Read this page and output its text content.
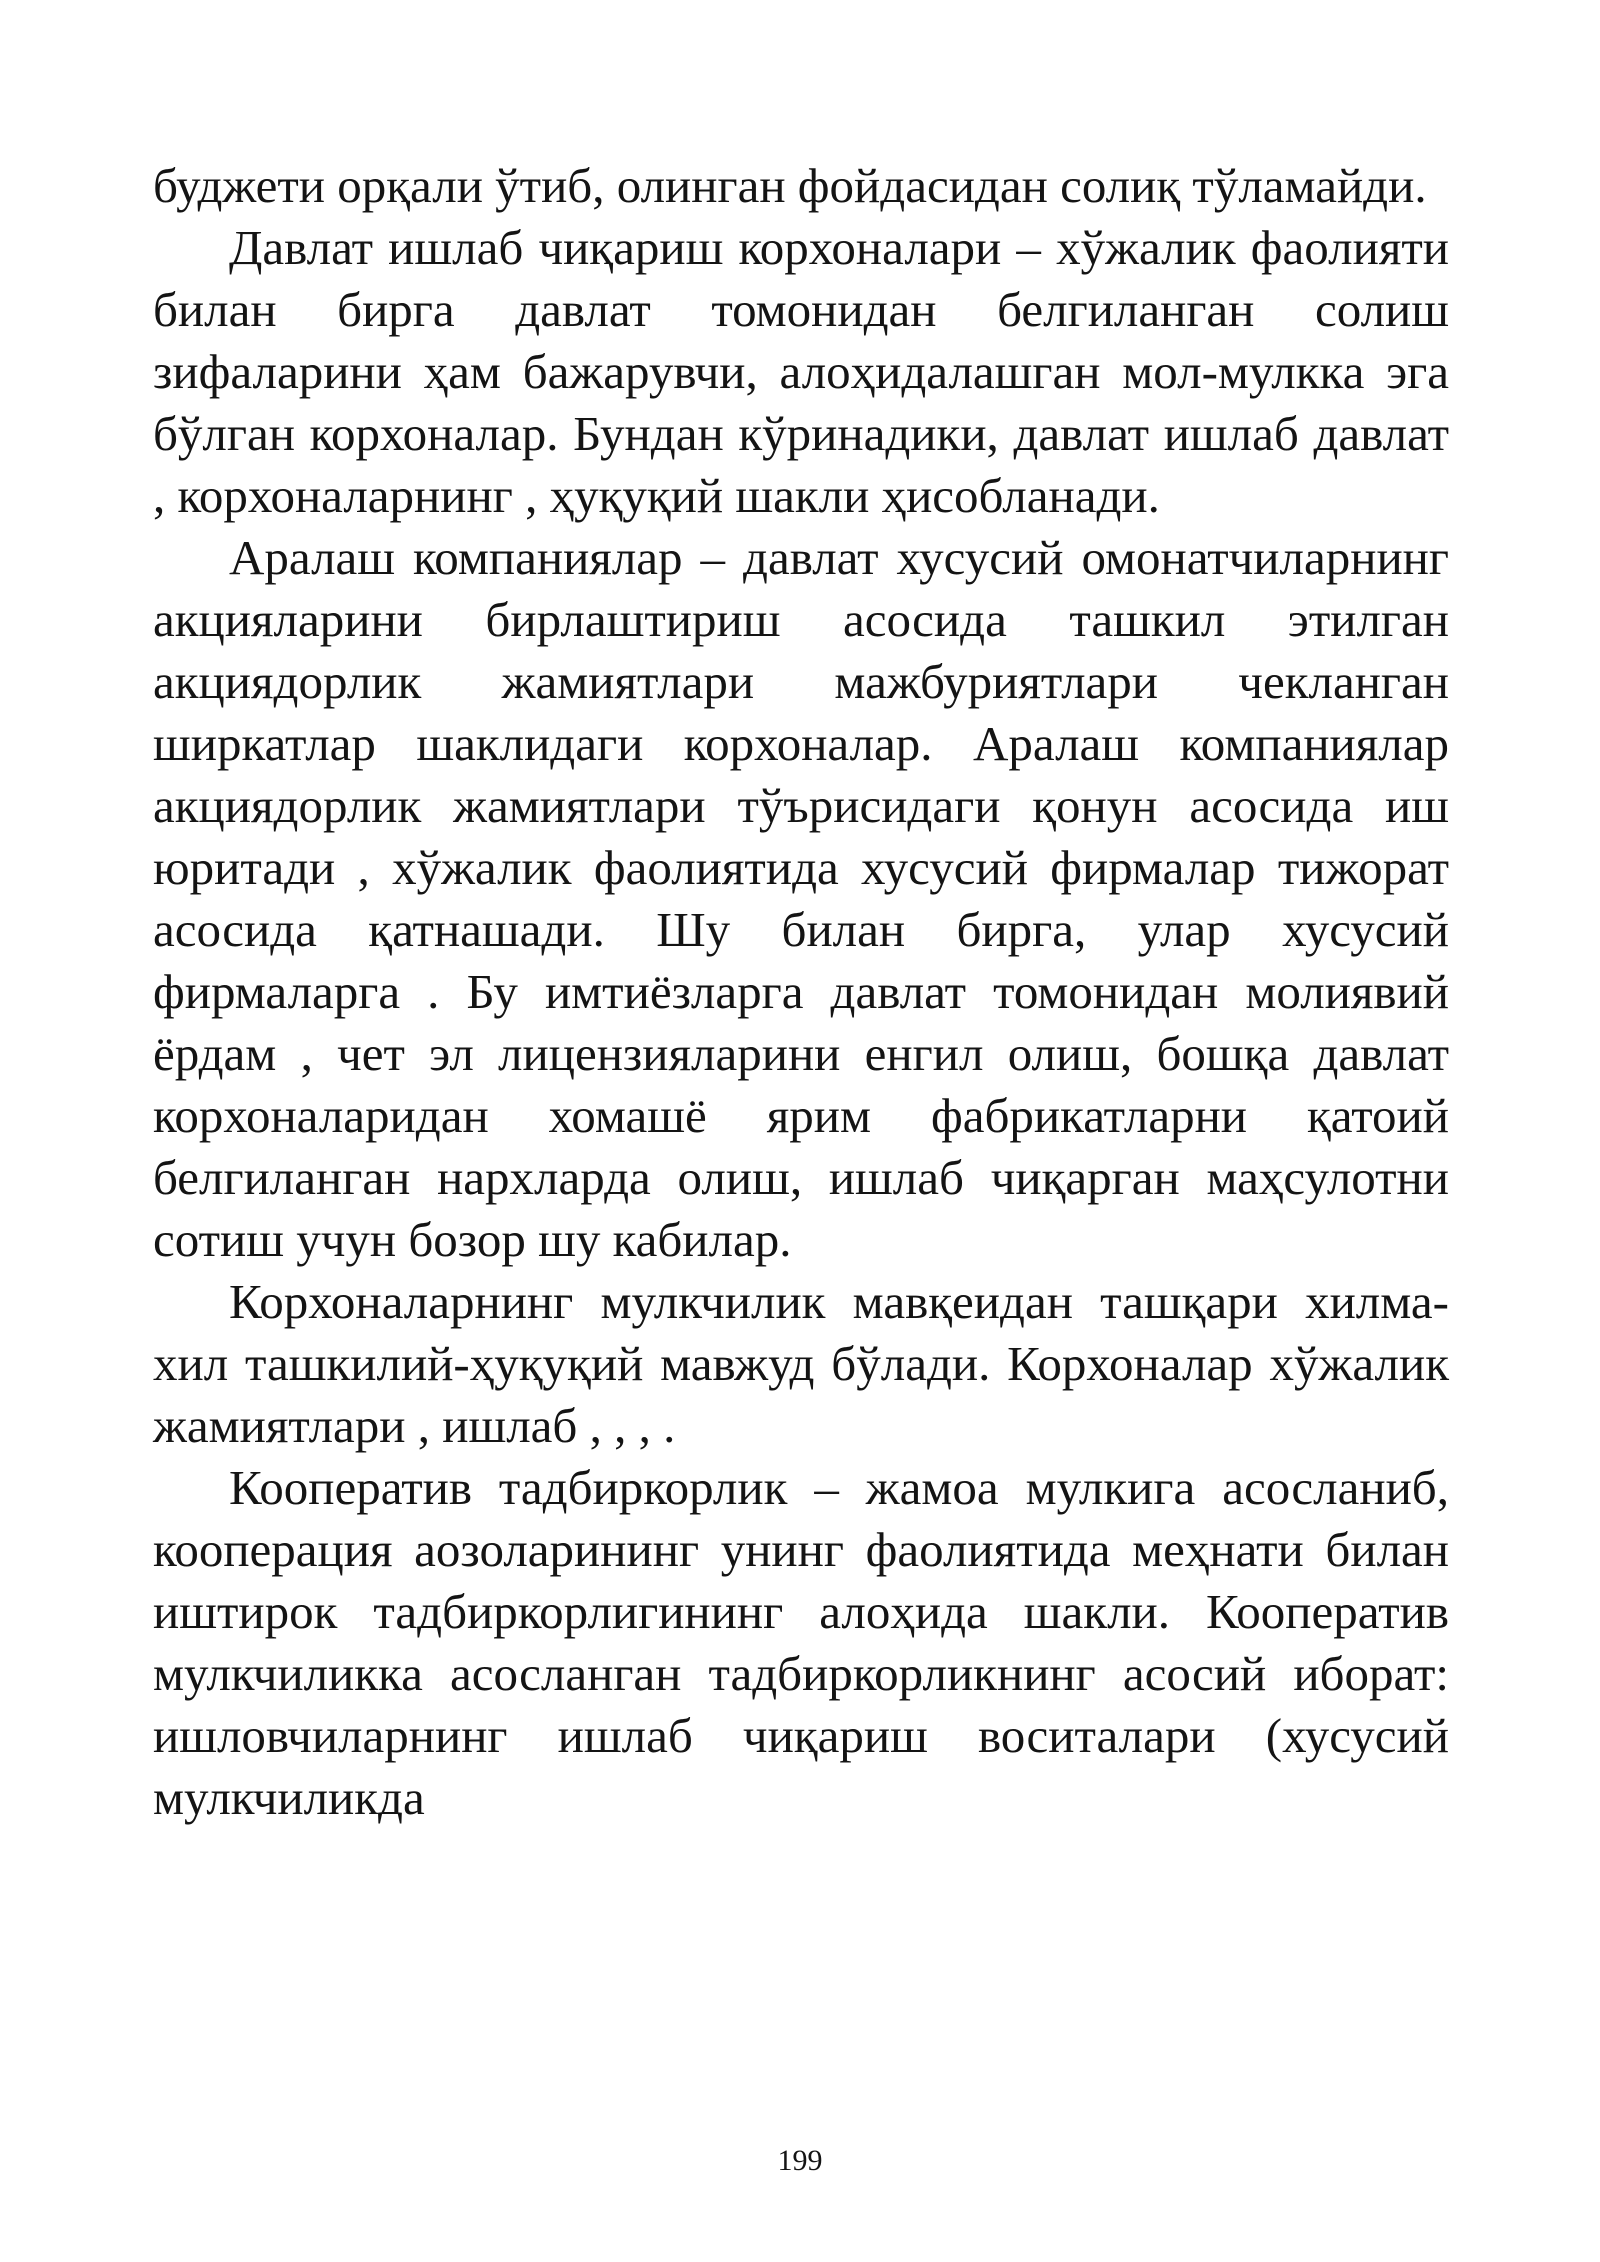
буджети орқали ўтиб, олинган фойдасидан солиқ тўламайди.

Давлат ишлаб чиқариш корхоналари – хўжалик фаолияти билан бирга давлат томонидан белгиланган солиш зифаларини ҳам бажарувчи, алоҳидалашган мол-мулкка эга бўлган корхоналар. Бундан кўринадики, давлат ишлаб давлат , корхоналарнинг , ҳуқуқий шакли ҳисобланади.

Аралаш компаниялар – давлат хусусий омонатчиларнинг акцияларини бирлаштириш асосида ташкил этилган акциядорлик жамиятлари мажбуриятлари чекланган ширкатлар шаклидаги корхоналар. Аралаш компаниялар акциядорлик жамиятлари тўърисидаги қонун асосида иш юритади , хўжалик фаолиятида хусусий фирмалар тижорат асосида қатнашади. Шу билан бирга, улар хусусий фирмаларга . Бу имтиёзларга давлат томонидан молиявий ёрдам , чет эл лицензияларини енгил олиш, бошқа давлат корхоналаридан хомашё ярим фабрикатларни қатоий белгиланган нархларда олиш, ишлаб чиқарган маҳсулотни сотиш учун бозор шу кабилар.

Корхоналарнинг мулкчилик мавқеидан ташқари хилма-хил ташкилий-ҳуқуқий мавжуд бўлади. Корхоналар хўжалик жамиятлари , ишлаб , , , .

Кооператив тадбиркорлик – жамоа мулкига асосланиб, кооперация аозоларининг унинг фаолиятида меҳнати билан иштирок тадбиркорлигининг алоҳида шакли. Кооператив мулкчиликка асосланган тадбиркорликнинг асосий иборат: ишловчиларнинг ишлаб чиқариш воситалари (хусусий мулкчиликда

199
